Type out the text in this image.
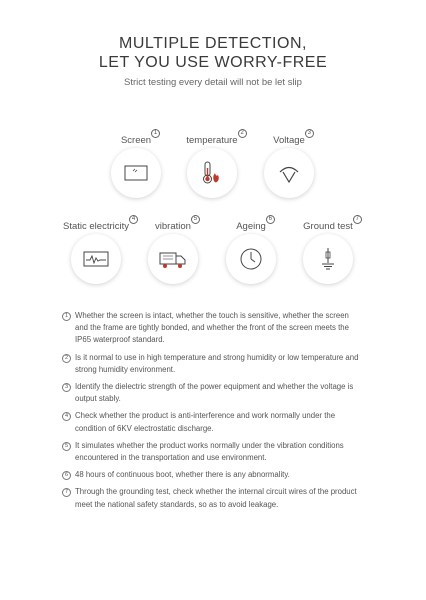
MULTIPLE DETECTION,
LET YOU USE WORRY-FREE
Strict testing every detail will not be let slip
Screen
1
temperature
2
Voltage
3
Static electricity
4
vibration
5
Ageing
6
Ground test
7
1 Whether the screen is intact, whether the touch is sensitive, whether the screen and the frame are tightly bonded, and whether the front of the screen meets the IP65 waterproof standard.
2 Is it normal to use in high temperature and strong humidity or low temperature and strong humidity environment.
3 Identify the dielectric strength of the power equipment and whether the voltage is output stably.
4 Check whether the product is anti-interference and work normally under the condition of 6KV electrostatic discharge.
5 It simulates whether the product works normally under the vibration conditions encountered in the transportation and use environment.
6 48 hours of continuous boot, whether there is any abnormality.
7 Through the grounding test, check whether the internal circuit wires of the product meet the national safety standards, so as to avoid leakage.
